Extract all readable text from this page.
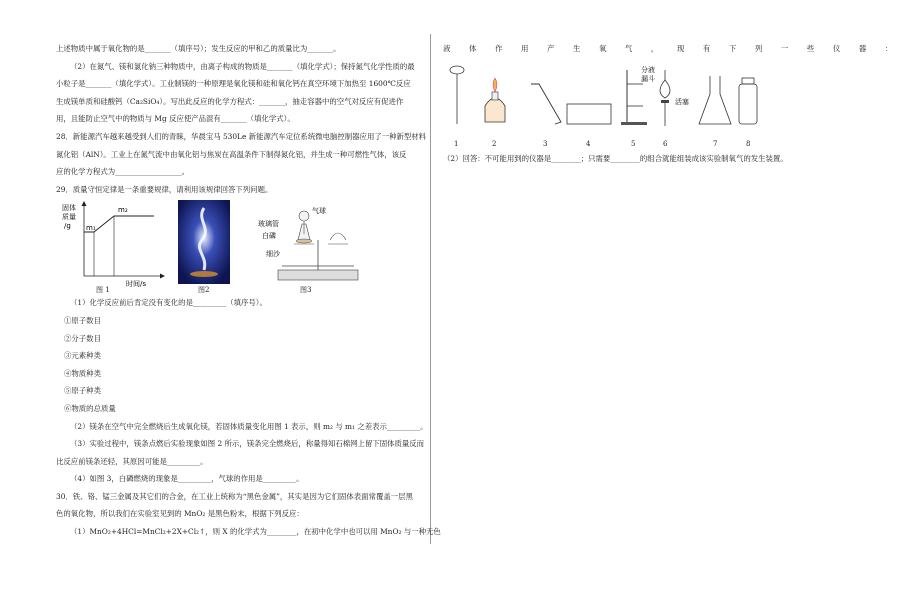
上述物质中属于氧化物的是_______（填序号）；发生反应的甲和乙的质量比为_______。

（2）在氮气、镁和氯化钠三种物质中，由离子构成的物质是_______（填化学式）；保持氮气化学性质的最

小粒子是_______（填化学式）。工业制镁的一种原理是氧化镁和硅和氧化钙在真空环境下加热至 1600℃反应

生成镁单质和硅酸钙（Ca₂SiO₄）。写出此反应的化学方程式：_______，抽走容器中的空气对反应有促进作

用，且能防止空气中的物质与 Mg 反应使产品混有_______（填化学式）。

28．新能源汽车越来越受到人们的青睐，华晨宝马 530Le 新能源汽车定位系统微电脑控制器应用了一种新型材料

氮化铝（AlN）。工业上在氮气流中由氧化铝与焦炭在高温条件下制得氮化铝，并生成一种可燃性气体，该反

应的化学方程式为__________________。

29．质量守恒定律是一条重要规律，请利用该规律回答下列问题。

固体
质量
/g m₁
m₂
时间/s
图 1	图2
玻璃管
白磷
细沙
气球
图3

（1）化学反应前后肯定没有变化的是_________（填序号）。

①原子数目

②分子数目

③元素种类

④物质种类

⑤原子种类

⑥物质的总质量

（2）镁条在空气中完全燃烧后生成氧化镁，若固体质量变化用图 1 表示，则 m₂ 与 m₁ 之差表示_________。

（3）实验过程中，镁条点燃后实验现象如图 2 所示，镁条完全燃烧后，称量得知石棉网上留下固体质量反而

比反应前镁条还轻，其原因可能是_________。

（4）如图 3，白磷燃烧的现象是_________，气球的作用是_________。

30．铁、铬、锰三金属及其它们的合金，在工业上统称为“黑色金属”，其实是因为它们固体表面常覆盖一层黑

色的氧化物，所以我们在实验室见到的 MnO₂ 是黑色粉末，根据下列反应：

（1）MnO₂+4HCl=MnCl₂+2X+Cl₂↑，则 X 的化学式为________，在初中化学中也可以用 MnO₂ 与一种无色

液体作用产生氧气，现有下列一些仪器：

分液
漏斗
活塞
1	2	3	4	5	6	7	8

（2）回答：不可能用到的仪器是________；只需要________的组合就能组装成该实验制氧气的发生装置。
